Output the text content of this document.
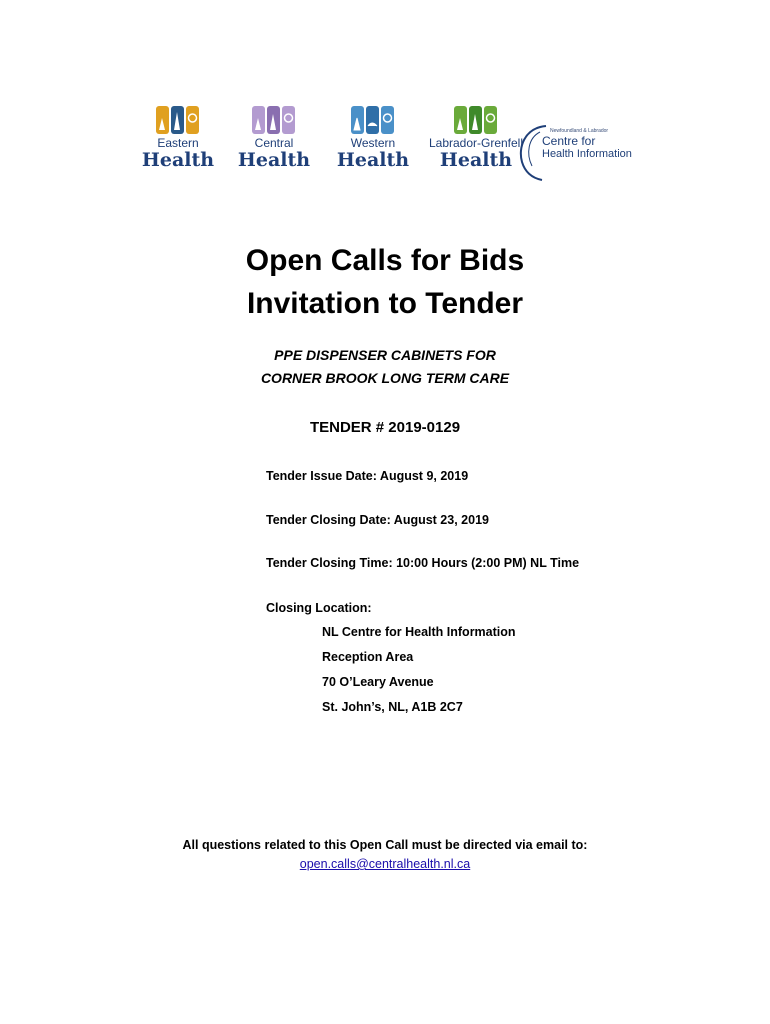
Eastern
Health
Central
Health
Western
Health
Labrador-Grenfell
Health
Newfoundland & Labrador
Centre for
Health Information
Open Calls for Bids
Invitation to Tender
PPE DISPENSER CABINETS FOR
CORNER BROOK LONG TERM CARE
TENDER # 2019-0129
Tender Issue Date: August 9, 2019
Tender Closing Date: August 23, 2019
Tender Closing Time: 10:00 Hours (2:00 PM) NL Time
Closing Location:
NL Centre for Health Information
Reception Area
70 O’Leary Avenue
St. John’s, NL, A1B 2C7
All questions related to this Open Call must be directed via email to:
open.calls@centralhealth.nl.ca
